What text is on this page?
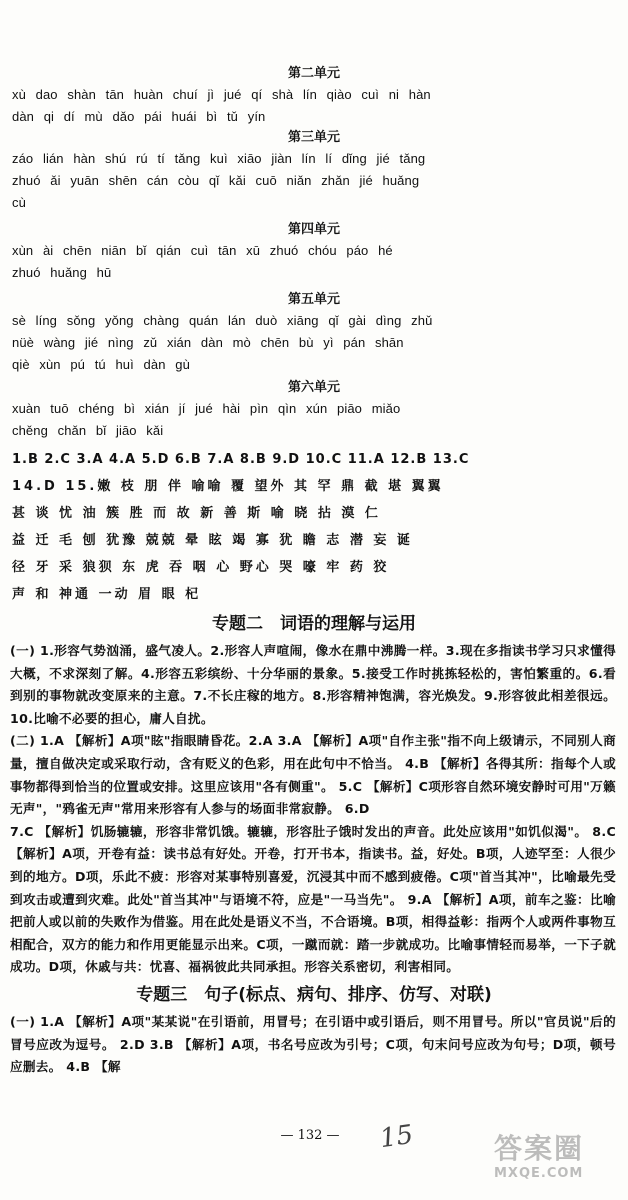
第二单元

xù dao shàn tān huàn chuí jì jué qí shà lín qiào cuì ni hàn

dàn qi dí mù dǎo pái huái bì tǔ yín

第三单元

záo lián hàn shú rú tí tǎng kuì xiāo jiàn lín lí dǐng jié tǎng

zhuó ǎi yuān shēn cán còu qǐ kǎi cuō niǎn zhǎn jié huǎng

cù

第四单元

xùn ài chēn niān bǐ qián cuì tān xū zhuó chóu páo hé

zhuó huǎng hū

第五单元

sè líng sǒng yǒng chàng quán lán duò xiāng qǐ gài dìng zhǔ

nüè wàng jié nìng zǔ xián dàn mò chēn bù yì pán shān

qiè xùn pú tú huì dàn gù

第六单元

xuàn tuō chéng bì xián jí jué hài pìn qìn xún piāo miǎo

chěng chǎn bǐ jiāo kǎi

1.B 2.C 3.A 4.A 5.D 6.B 7.A 8.B 9.D 10.C 11.A 12.B 13.C

14.D 15.嫩 枝 朋 伴 喻喻 覆 望外 其 罕 鼎 截 堪 翼翼

甚 谈 忧 油 簇 胜 而 故 新 善 斯 喻 晓 拈 漠 仁

益 迁 毛 刨 犹豫 兢兢 晕 眩 竭 寡 犹 瞻 志 潜 妄 诞

径 牙 采 狼狈 东 虎 吞 咽 心 野心 哭 嚎 牢 药 狡

声 和 神通 一动 眉 眼 杞

专题二　词语的理解与运用

(一) 1.形容气势汹涌，盛气凌人。2.形容人声喧闹，像水在鼎中沸腾一样。3.现在多指读书学习只求懂得大概，不求深刻了解。4.形容五彩缤纷、十分华丽的景象。5.接受工作时挑拣轻松的，害怕繁重的。6.看到别的事物就改变原来的主意。7.不长庄稼的地方。8.形容精神饱满，容光焕发。9.形容彼此相差很远。10.比喻不必要的担心，庸人自扰。

(二) 1.A 【解析】A项"眩"指眼睛昏花。2.A 3.A 【解析】A项"自作主张"指不向上级请示，不同别人商量，擅自做决定或采取行动，含有贬义的色彩，用在此句中不恰当。 4.B 【解析】各得其所：指每个人或事物都得到恰当的位置或安排。这里应该用"各有侧重"。 5.C 【解析】C项形容自然环境安静时可用"万籁无声"，"鸦雀无声"常用来形容有人参与的场面非常寂静。 6.D

7.C 【解析】饥肠辘辘，形容非常饥饿。辘辘，形容肚子饿时发出的声音。此处应该用"如饥似渴"。 8.C 【解析】A项，开卷有益：读书总有好处。开卷，打开书本，指读书。益，好处。B项，人迹罕至：人很少到的地方。D项，乐此不疲：形容对某事特别喜爱，沉浸其中而不感到疲倦。C项"首当其冲"，比喻最先受到攻击或遭到灾难。此处"首当其冲"与语境不符，应是"一马当先"。 9.A 【解析】A项，前车之鉴：比喻把前人或以前的失败作为借鉴。用在此处是语义不当，不合语境。B项，相得益彰：指两个人或两件事物互相配合，双方的能力和作用更能显示出来。C项，一蹴而就：踏一步就成功。比喻事情轻而易举，一下子就成功。D项，休戚与共：忧喜、福祸彼此共同承担。形容关系密切，利害相同。

专题三　句子(标点、病句、排序、仿写、对联)

(一) 1.A 【解析】A项"某某说"在引语前，用冒号；在引语中或引语后，则不用冒号。所以"官员说"后的冒号应改为逗号。 2.D 3.B 【解析】A项，书名号应改为引号；C项，句末问号应改为句号；D项，顿号应删去。 4.B 【解

— 132 —	15	答案圈
MXQE.COM
